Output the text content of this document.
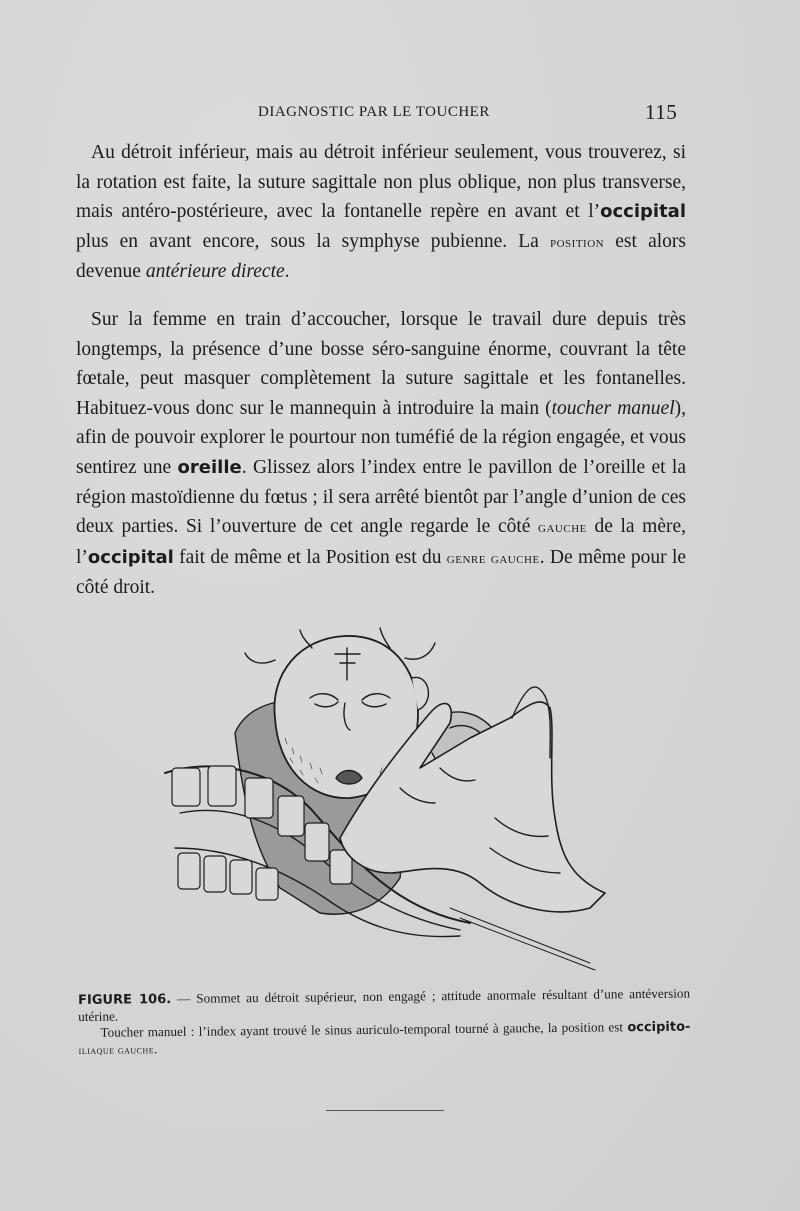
DIAGNOSTIC PAR LE TOUCHER	115
Au détroit inférieur, mais au détroit inférieur seulement, vous trouverez, si la rotation est faite, la suture sagittale non plus oblique, non plus transverse, mais antéro-postérieure, avec la fontanelle repère en avant et l’occipital plus en avant encore, sous la symphyse pubienne. La position est alors devenue antérieure directe.
Sur la femme en train d’accoucher, lorsque le travail dure depuis très longtemps, la présence d’une bosse séro-sanguine énorme, couvrant la tête fœtale, peut masquer complètement la suture sagittale et les fontanelles. Habituez-vous donc sur le mannequin à introduire la main (toucher manuel), afin de pouvoir explorer le pourtour non tuméfié de la région engagée, et vous sentirez une oreille. Glissez alors l’index entre le pavillon de l’oreille et la région mastoïdienne du fœtus ; il sera arrêté bientôt par l’angle d’union de ces deux parties. Si l’ouverture de cet angle regarde le côté gauche de la mère, l’occipital fait de même et la Position est du genre gauche. De même pour le côté droit.
FIGURE 106. — Sommet au détroit supérieur, non engagé ; attitude anormale résultant d’une antéversion utérine.
Toucher manuel : l’index ayant trouvé le sinus auriculo-temporal tourné à gauche, la position est occipito-iliaque gauche.
